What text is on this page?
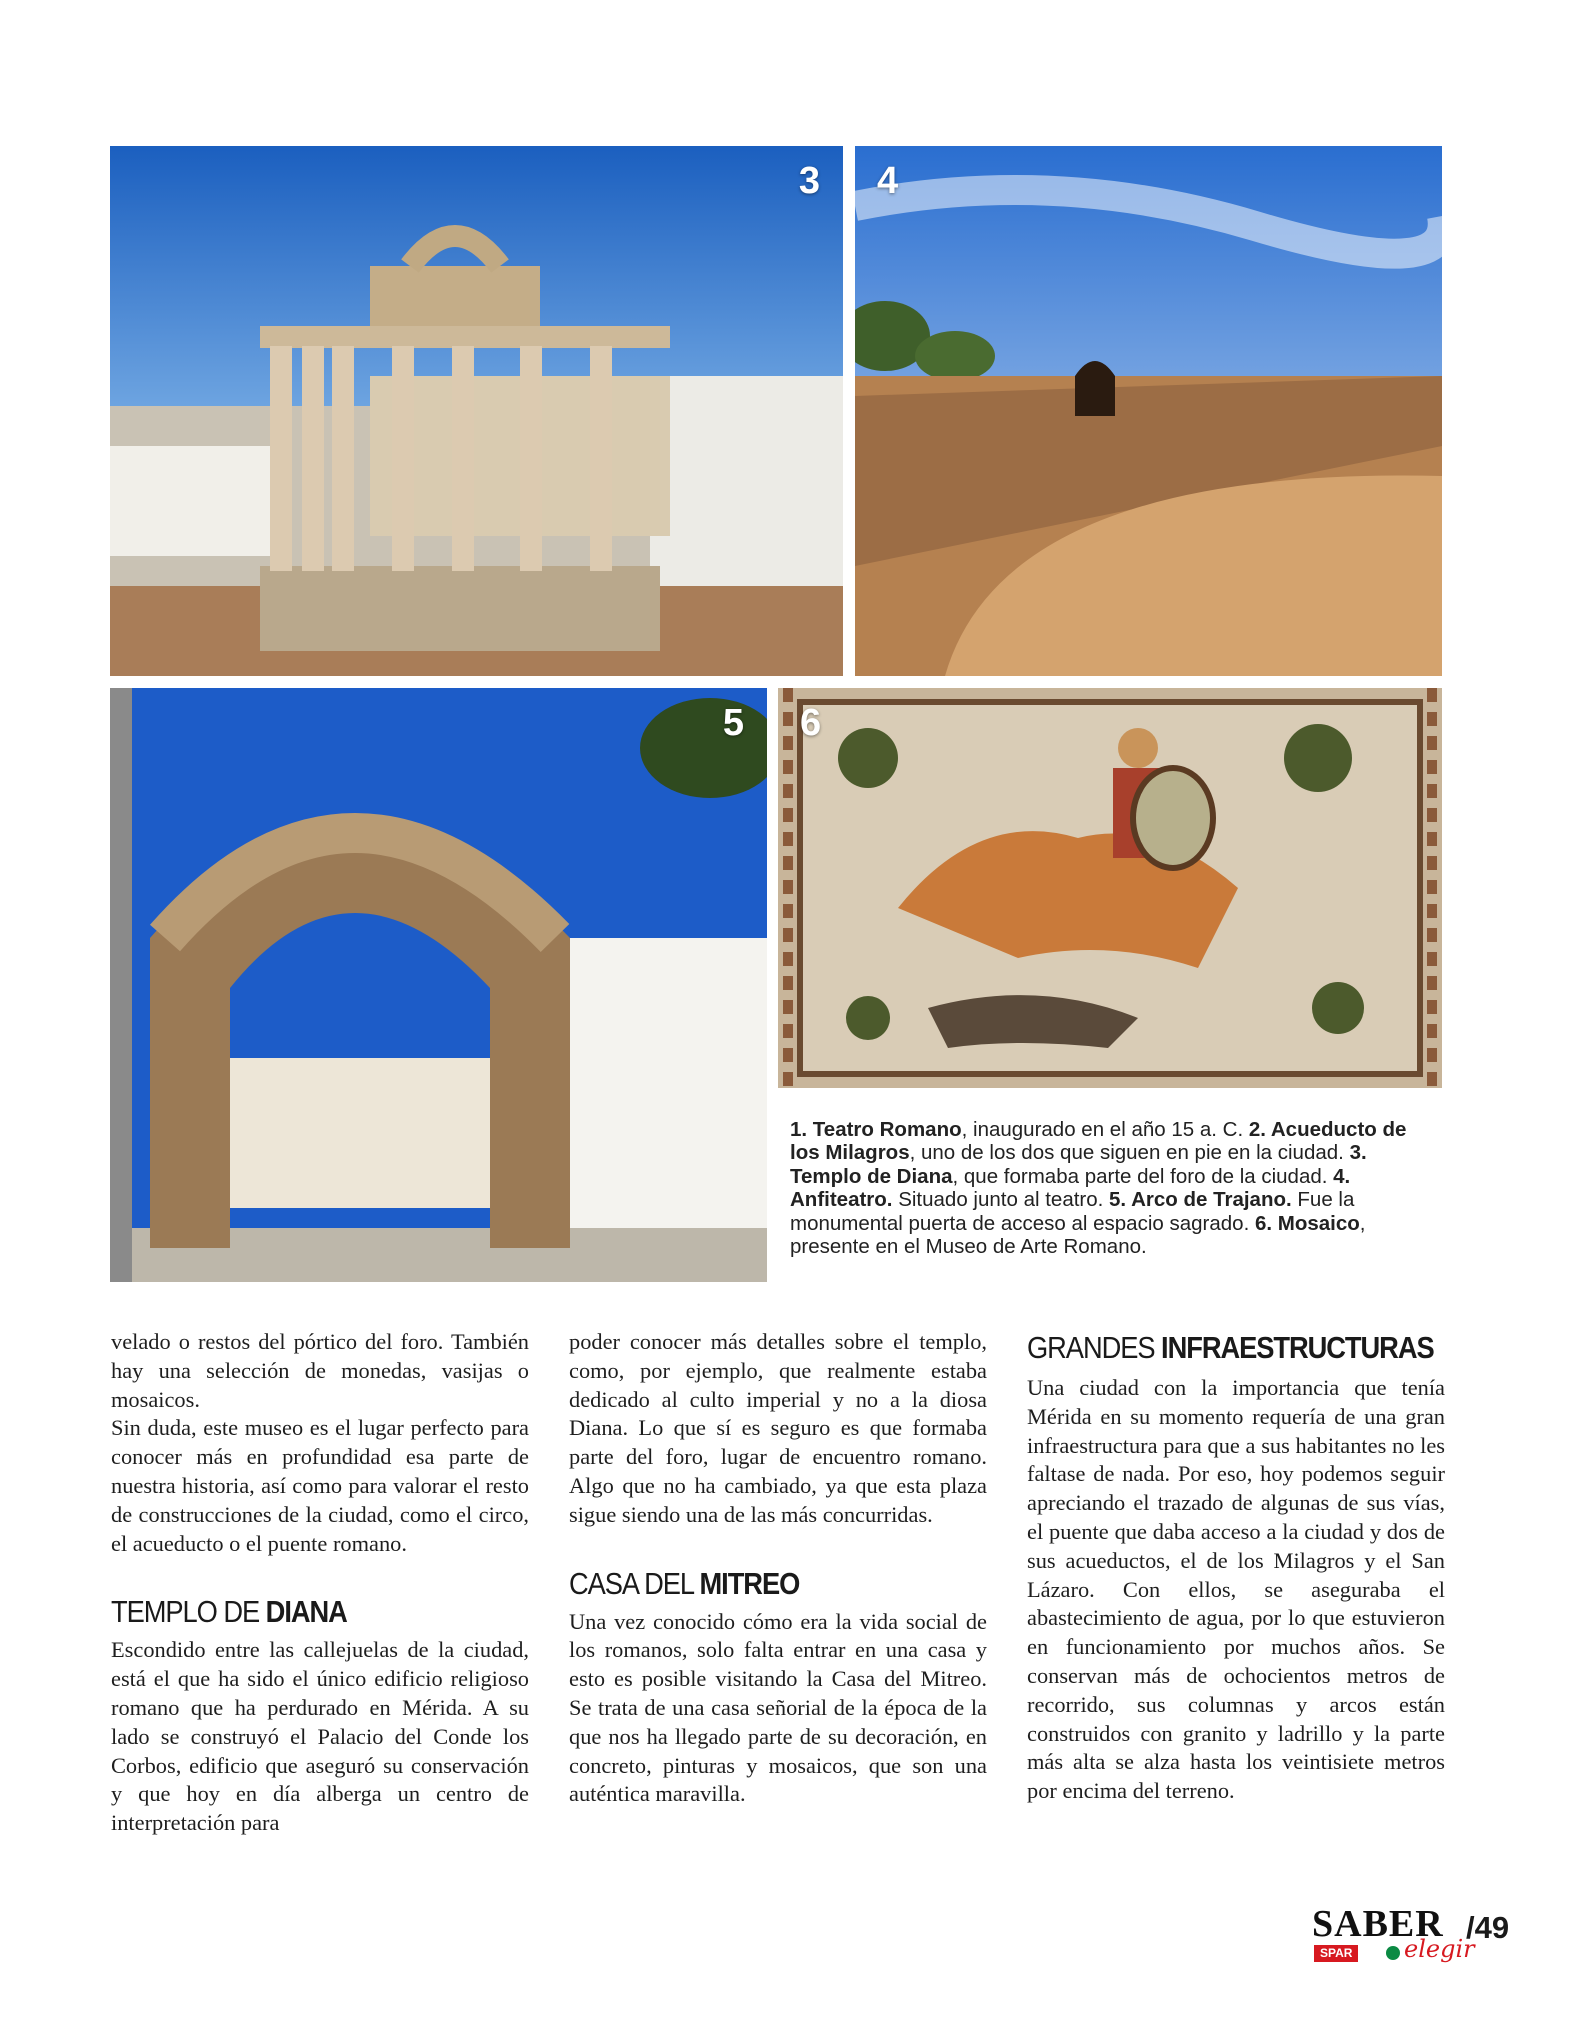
3 4
5 6
1. Teatro Romano, inaugurado en el año 15 a. C. 2. Acueducto de los Milagros, uno de los dos que siguen en pie en la ciudad. 3. Templo de Diana, que formaba parte del foro de la ciudad. 4. Anfiteatro. Situado junto al teatro. 5. Arco de Trajano. Fue la monumental puerta de acceso al espacio sagrado. 6. Mosaico, presente en el Museo de Arte Romano.

velado o restos del pórtico del foro. También hay una selección de monedas, vasijas o mosaicos.

Sin duda, este museo es el lugar perfecto para conocer más en profundidad esa parte de nuestra historia, así como para valorar el resto de construcciones de la ciudad, como el circo, el acueducto o el puente romano.

TEMPLO DE DIANA

Escondido entre las callejuelas de la ciudad, está el que ha sido el único edificio religioso romano que ha perdurado en Mérida. A su lado se construyó el Palacio del Conde los Corbos, edificio que aseguró su conservación y que hoy en día alberga un centro de interpretación para

poder conocer más detalles sobre el templo, como, por ejemplo, que realmente estaba dedicado al culto imperial y no a la diosa Diana. Lo que sí es seguro es que formaba parte del foro, lugar de encuentro romano. Algo que no ha cambiado, ya que esta plaza sigue siendo una de las más concurridas.

CASA DEL MITREO

Una vez conocido cómo era la vida social de los romanos, solo falta entrar en una casa y esto es posible visitando la Casa del Mitreo. Se trata de una casa señorial de la época de la que nos ha llegado parte de su decoración, en concreto, pinturas y mosaicos, que son una auténtica maravilla.

GRANDES INFRAESTRUCTURAS

Una ciudad con la importancia que tenía Mérida en su momento requería de una gran infraestructura para que a sus habitantes no les faltase de nada. Por eso, hoy podemos seguir apreciando el trazado de algunas de sus vías, el puente que daba acceso a la ciudad y dos de sus acueductos, el de los Milagros y el San Lázaro. Con ellos, se aseguraba el abastecimiento de agua, por lo que estuvieron en funcionamiento por muchos años. Se conservan más de ochocientos metros de recorrido, sus columnas y arcos están construidos con granito y ladrillo y la parte más alta se alza hasta los veintisiete metros por encima del terreno.

SABER
SPAR elegir
/49
